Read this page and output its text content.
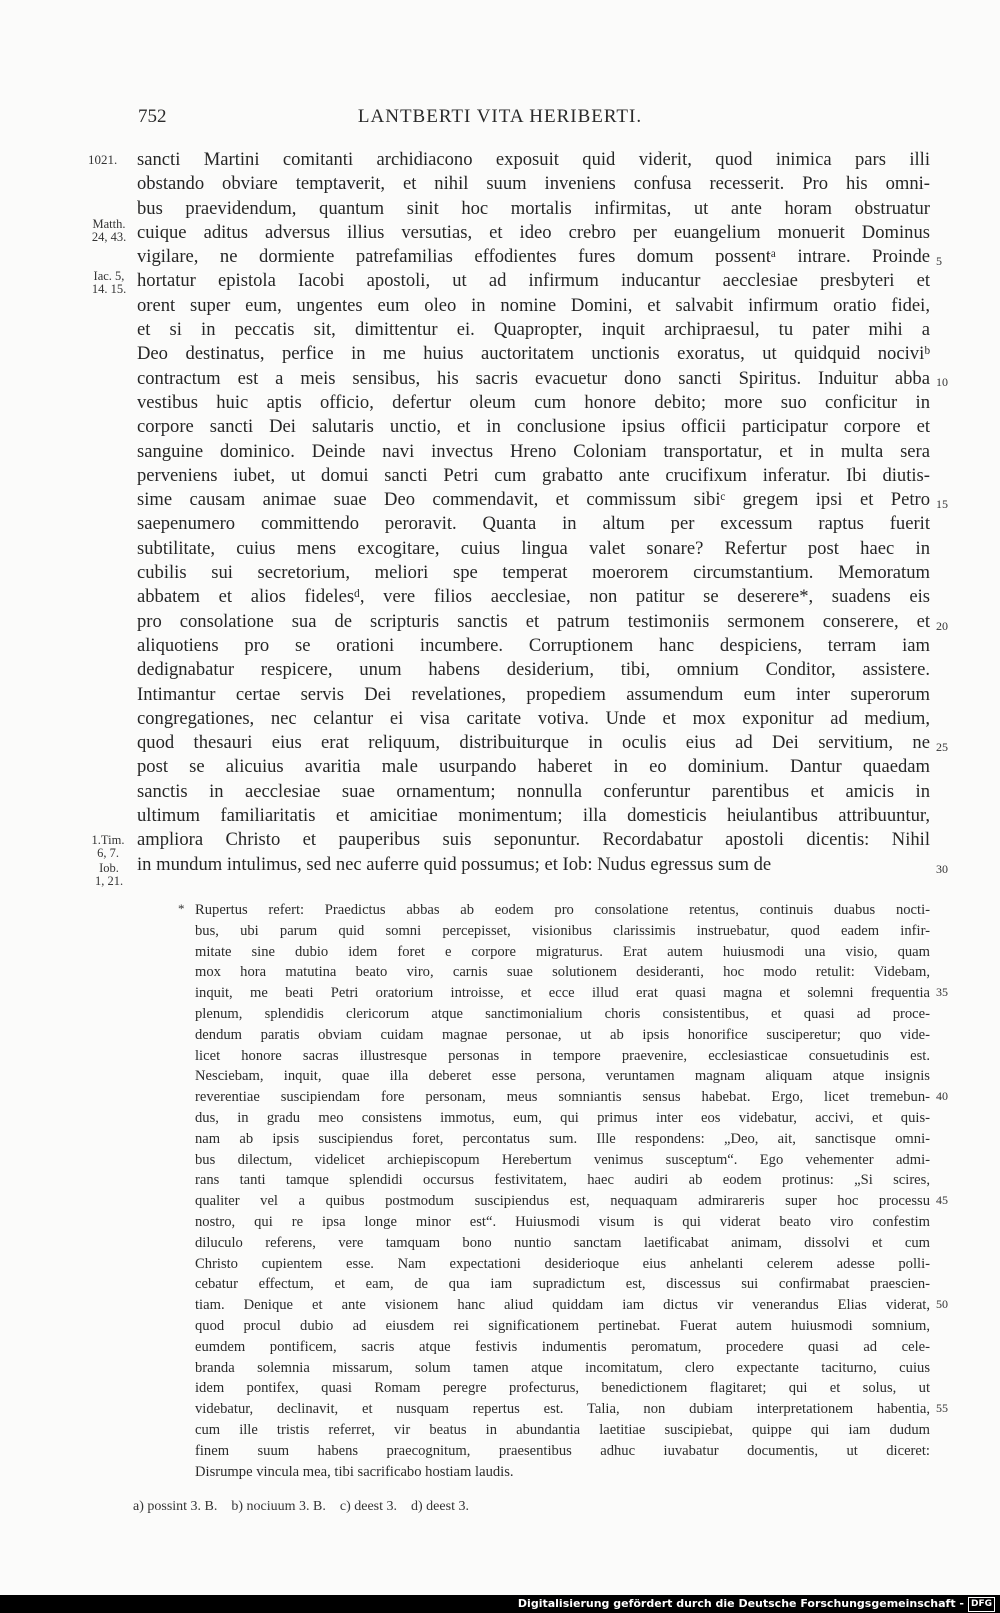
752	LANTBERTI VITA HERIBERTI.
1021.
Matth.
24, 43.
Iac. 5,
14. 15.
1.Tim.
6, 7.
Iob.
1, 21.
5
10
15
20
25
30
35
40
45
50
55
sancti Martini comitanti archidiacono exposuit quid viderit, quod inimica pars illi
obstando obviare temptaverit, et nihil suum inveniens confusa recesserit. Pro his omni-
bus praevidendum, quantum sinit hoc mortalis infirmitas, ut ante horam obstruatur
cuique aditus adversus illius versutias, et ideo crebro per euangelium monuerit Dominus
vigilare, ne dormiente patrefamilias effodientes fures domum possentᵃ intrare. Proinde
hortatur epistola Iacobi apostoli, ut ad infirmum inducantur aecclesiae presbyteri et
orent super eum, ungentes eum oleo in nomine Domini, et salvabit infirmum oratio fidei,
et si in peccatis sit, dimittentur ei. Quapropter, inquit archipraesul, tu pater mihi a
Deo destinatus, perfice in me huius auctoritatem unctionis exoratus, ut quidquid nociviᵇ
contractum est a meis sensibus, his sacris evacuetur dono sancti Spiritus. Induitur abba
vestibus huic aptis officio, defertur oleum cum honore debito; more suo conficitur in
corpore sancti Dei salutaris unctio, et in conclusione ipsius officii participatur corpore et
sanguine dominico. Deinde navi invectus Hreno Coloniam transportatur, et in multa sera
perveniens iubet, ut domui sancti Petri cum grabatto ante crucifixum inferatur. Ibi diutis-
sime causam animae suae Deo commendavit, et commissum sibiᶜ gregem ipsi et Petro
saepenumero committendo peroravit. Quanta in altum per excessum raptus fuerit
subtilitate, cuius mens excogitare, cuius lingua valet sonare? Refertur post haec in
cubilis sui secretorium, meliori spe temperat moerorem circumstantium. Memoratum
abbatem et alios fidelesᵈ, vere filios aecclesiae, non patitur se deserere*, suadens eis
pro consolatione sua de scripturis sanctis et patrum testimoniis sermonem conserere, et
aliquotiens pro se orationi incumbere. Corruptionem hanc despiciens, terram iam
dedignabatur respicere, unum habens desiderium, tibi, omnium Conditor, assistere.
Intimantur certae servis Dei revelationes, propediem assumendum eum inter superorum
congregationes, nec celantur ei visa caritate votiva. Unde et mox exponitur ad medium,
quod thesauri eius erat reliquum, distribuiturque in oculis eius ad Dei servitium, ne
post se alicuius avaritia male usurpando haberet in eo dominium. Dantur quaedam
sanctis in aecclesiae suae ornamentum; nonnulla conferuntur parentibus et amicis in
ultimum familiaritatis et amicitiae monimentum; illa domesticis heiulantibus attribuuntur,
ampliora Christo et pauperibus suis seponuntur. Recordabatur apostoli dicentis: Nihil
in mundum intulimus, sed nec auferre quid possumus; et Iob: Nudus egressus sum de
* Rupertus refert: Praedictus abbas ab eodem pro consolatione retentus, continuis duabus nocti-
bus, ubi parum quid somni percepisset, visionibus clarissimis instruebatur, quod eadem infir-
mitate sine dubio idem foret e corpore migraturus. Erat autem huiusmodi una visio, quam
mox hora matutina beato viro, carnis suae solutionem desideranti, hoc modo retulit: Videbam,
inquit, me beati Petri oratorium introisse, et ecce illud erat quasi magna et solemni frequentia
plenum, splendidis clericorum atque sanctimonialium choris consistentibus, et quasi ad proce-
dendum paratis obviam cuidam magnae personae, ut ab ipsis honorifice susciperetur; quo vide-
licet honore sacras illustresque personas in tempore praevenire, ecclesiasticae consuetudinis est.
Nesciebam, inquit, quae illa deberet esse persona, veruntamen magnam aliquam atque insignis
reverentiae suscipiendam fore personam, meus somniantis sensus habebat. Ergo, licet tremebun-
dus, in gradu meo consistens immotus, eum, qui primus inter eos videbatur, accivi, et quis-
nam ab ipsis suscipiendus foret, percontatus sum. Ille respondens: „Deo, ait, sanctisque omni-
bus dilectum, videlicet archiepiscopum Herebertum venimus susceptum“. Ego vehementer admi-
rans tanti tamque splendidi occursus festivitatem, haec audiri ab eodem protinus: „Si scires,
qualiter vel a quibus postmodum suscipiendus est, nequaquam admirareris super hoc processu
nostro, qui re ipsa longe minor est“. Huiusmodi visum is qui viderat beato viro confestim
diluculo referens, vere tamquam bono nuntio sanctam laetificabat animam, dissolvi et cum
Christo cupientem esse. Nam expectationi desiderioque eius anhelanti celerem adesse polli-
cebatur effectum, et eam, de qua iam supradictum est, discessus sui confirmabat praescien-
tiam. Denique et ante visionem hanc aliud quiddam iam dictus vir venerandus Elias viderat,
quod procul dubio ad eiusdem rei significationem pertinebat. Fuerat autem huiusmodi somnium,
eumdem pontificem, sacris atque festivis indumentis peromatum, procedere quasi ad cele-
branda solemnia missarum, solum tamen atque incomitatum, clero expectante taciturno, cuius
idem pontifex, quasi Romam peregre profecturus, benedictionem flagitaret; qui et solus, ut
videbatur, declinavit, et nusquam repertus est. Talia, non dubiam interpretationem habentia,
cum ille tristis referret, vir beatus in abundantia laetitiae suscipiebat, quippe qui iam dudum
finem suum habens praecognitum, praesentibus adhuc iuvabatur documentis, ut diceret:
Disrumpe vincula mea, tibi sacrificabo hostiam laudis.
a) possint 3. B.    b) nociuum 3. B.    c) deest 3.    d) deest 3.
Digitalisierung gefördert durch die Deutsche Forschungsgemeinschaft - DFG
